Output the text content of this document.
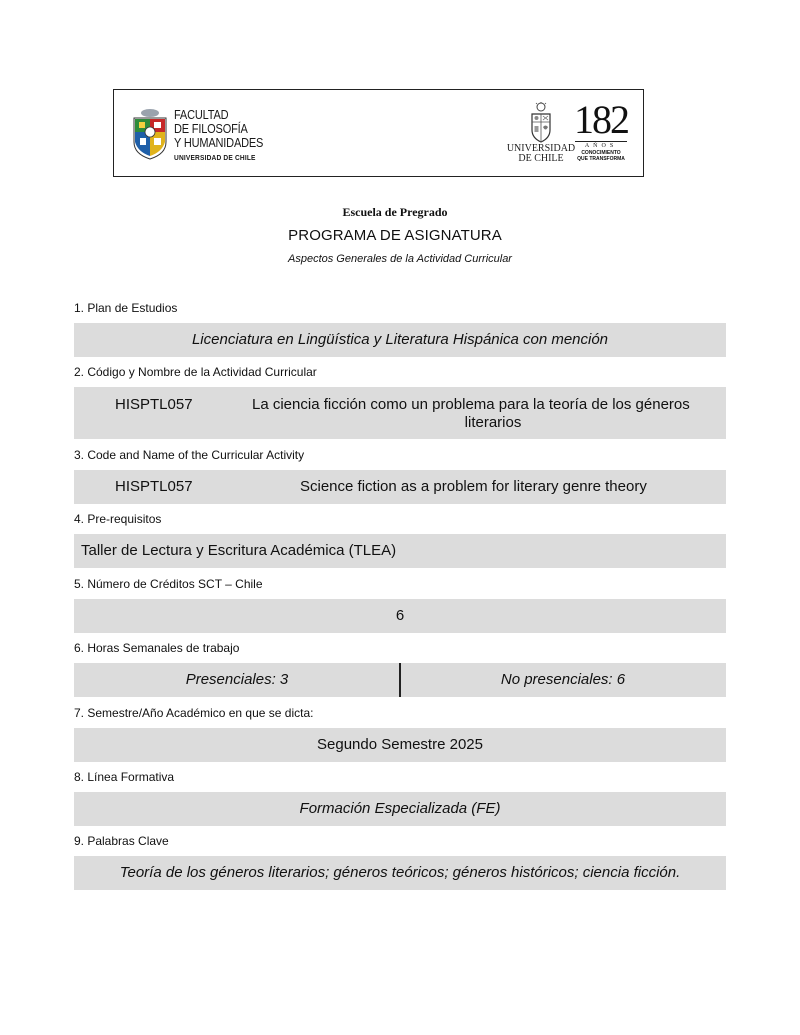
FACULTAD
DE FILOSOFÍA
Y HUMANIDADES
UNIVERSIDAD DE CHILE
UNIVERSIDAD
DE CHILE
182
AÑOS
CONOCIMIENTO
QUE TRANSFORMA
Escuela de Pregrado
PROGRAMA DE ASIGNATURA
Aspectos Generales de la Actividad Curricular
1. Plan de Estudios
Licenciatura en Lingüística y Literatura Hispánica con mención
2. Código y Nombre de la Actividad Curricular
HISPTL057	La ciencia ficción como un problema para la teoría de los géneros
literarios
3. Code and Name of the Curricular Activity
HISPTL057	Science fiction as a problem for literary genre theory
4. Pre-requisitos
Taller de Lectura y Escritura Académica (TLEA)
5. Número de Créditos SCT – Chile
6
6. Horas Semanales de trabajo
Presenciales: 3	No presenciales: 6
7. Semestre/Año Académico en que se dicta:
Segundo Semestre 2025
8. Línea Formativa
Formación Especializada (FE)
9. Palabras Clave
Teoría de los géneros literarios; géneros teóricos; géneros históricos; ciencia ficción.
